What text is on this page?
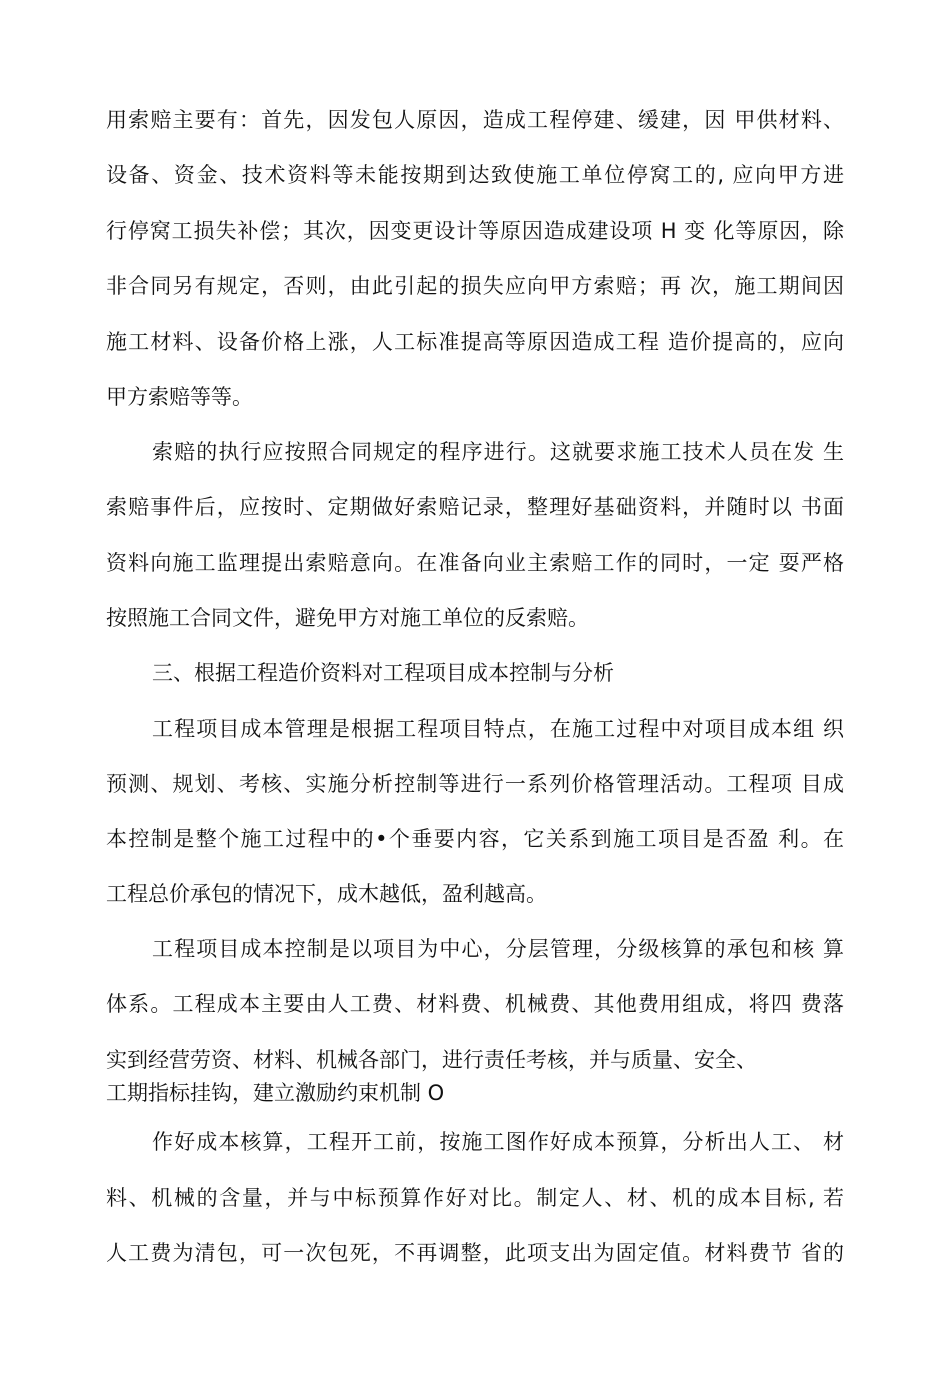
用索赔主要有：首先，因发包人原因，造成工程停建、缓建，因 甲供材料、
设备、资金、技术资料等未能按期到达致使施工单位停窝工的, 应向甲方进
行停窝工损失补偿；其次，因变更设计等原因造成建设项 H 变 化等原因，除
非合同另有规定，否则，由此引起的损失应向甲方索赔；再 次，施工期间因
施工材料、设备价格上涨，人工标准提高等原因造成工程 造价提高的，应向
甲方索赔等等。
索赔的执行应按照合同规定的程序进行。这就要求施工技术人员在发 生
索赔事件后，应按时、定期做好索赔记录，整理好基础资料，并随时以 书面
资料向施工监理提出索赔意向。在准备向业主索赔工作的同时，一定 耍严格
按照施工合同文件，避免甲方对施工单位的反索赔。
三、根据工程造价资料对工程项目成本控制与分析
工程项目成本管理是根据工程项目特点，在施工过程中对项目成本组 织
预测、规划、考核、实施分析控制等进行一系列价格管理活动。工程项 目成
本控制是整个施工过程中的•个垂要内容，它关系到施工项目是否盈 利。在
工程总价承包的情况下，成木越低，盈利越高。
工程项目成本控制是以项目为中心，分层管理，分级核算的承包和核 算
体系。工程成本主要由人工费、材料费、机械费、其他费用组成，将四 费落
实到经营劳资、材料、机械各部门，进行责任考核，并与质量、安全、
工期指标挂钩，建立激励约束机制 O
作好成本核算，工程开工前，按施工图作好成本预算，分析出人工、 材
料、机械的含量，并与中标预算作好对比。制定人、材、机的成本目标, 若
人工费为清包，可一次包死，不再调整，此项支出为固定值。材料费节 省的
